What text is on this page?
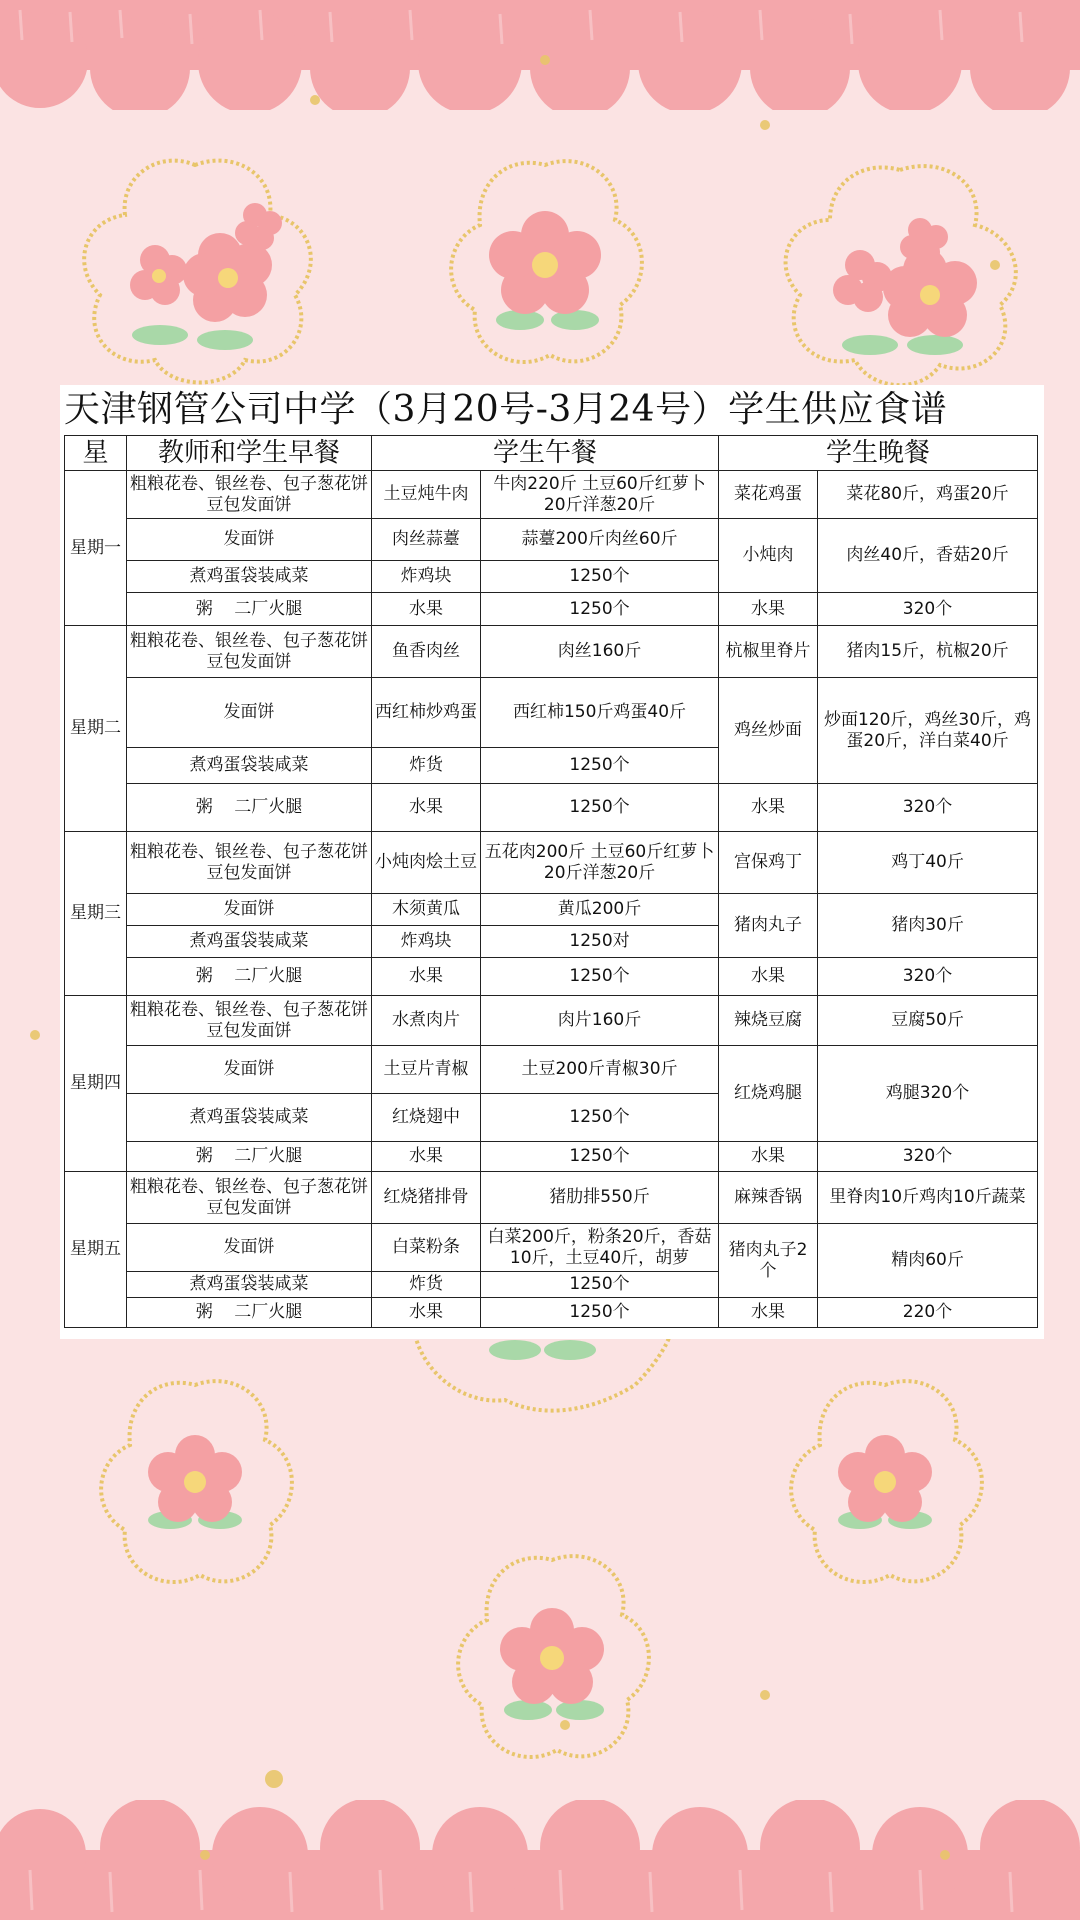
天津钢管公司中学（3月20号-3月24号）学生供应食谱
星	教师和学生早餐	学生午餐		学生晚餐	
星期一	粗粮花卷、银丝卷、包子葱花饼豆包发面饼	土豆炖牛肉	牛肉220斤 土豆60斤红萝卜20斤洋葱20斤	菜花鸡蛋	菜花80斤，鸡蛋20斤
	发面饼	肉丝蒜薹	蒜薹200斤肉丝60斤	小炖肉	肉丝40斤，香菇20斤
	煮鸡蛋袋装咸菜	炸鸡块	1250个		
	粥    二厂火腿	水果	1250个	水果	320个
星期二	粗粮花卷、银丝卷、包子葱花饼豆包发面饼	鱼香肉丝	肉丝160斤	杭椒里脊片	猪肉15斤，杭椒20斤
	发面饼	西红柿炒鸡蛋	西红柿150斤鸡蛋40斤	鸡丝炒面	炒面120斤，鸡丝30斤，鸡蛋20斤，洋白菜40斤
	煮鸡蛋袋装咸菜	炸货	1250个		
	粥    二厂火腿	水果	1250个	水果	320个
星期三	粗粮花卷、银丝卷、包子葱花饼豆包发面饼	小炖肉烩土豆	五花肉200斤 土豆60斤红萝卜20斤洋葱20斤	宫保鸡丁	鸡丁40斤
	发面饼	木须黄瓜	黄瓜200斤	猪肉丸子	猪肉30斤
	煮鸡蛋袋装咸菜	炸鸡块	1250对		
	粥    二厂火腿	水果	1250个	水果	320个
星期四	粗粮花卷、银丝卷、包子葱花饼豆包发面饼	水煮肉片	肉片160斤	辣烧豆腐	豆腐50斤
	发面饼	土豆片青椒	土豆200斤青椒30斤	红烧鸡腿	鸡腿320个
	煮鸡蛋袋装咸菜	红烧翅中	1250个		
	粥    二厂火腿	水果	1250个	水果	320个
星期五	粗粮花卷、银丝卷、包子葱花饼豆包发面饼	红烧猪排骨	猪肋排550斤	麻辣香锅	里脊肉10斤鸡肉10斤蔬菜
	发面饼	白菜粉条	白菜200斤，粉条20斤，香菇10斤，土豆40斤，胡萝	猪肉丸子2个	精肉60斤
	煮鸡蛋袋装咸菜	炸货	1250个		
	粥    二厂火腿	水果	1250个	水果	220个
